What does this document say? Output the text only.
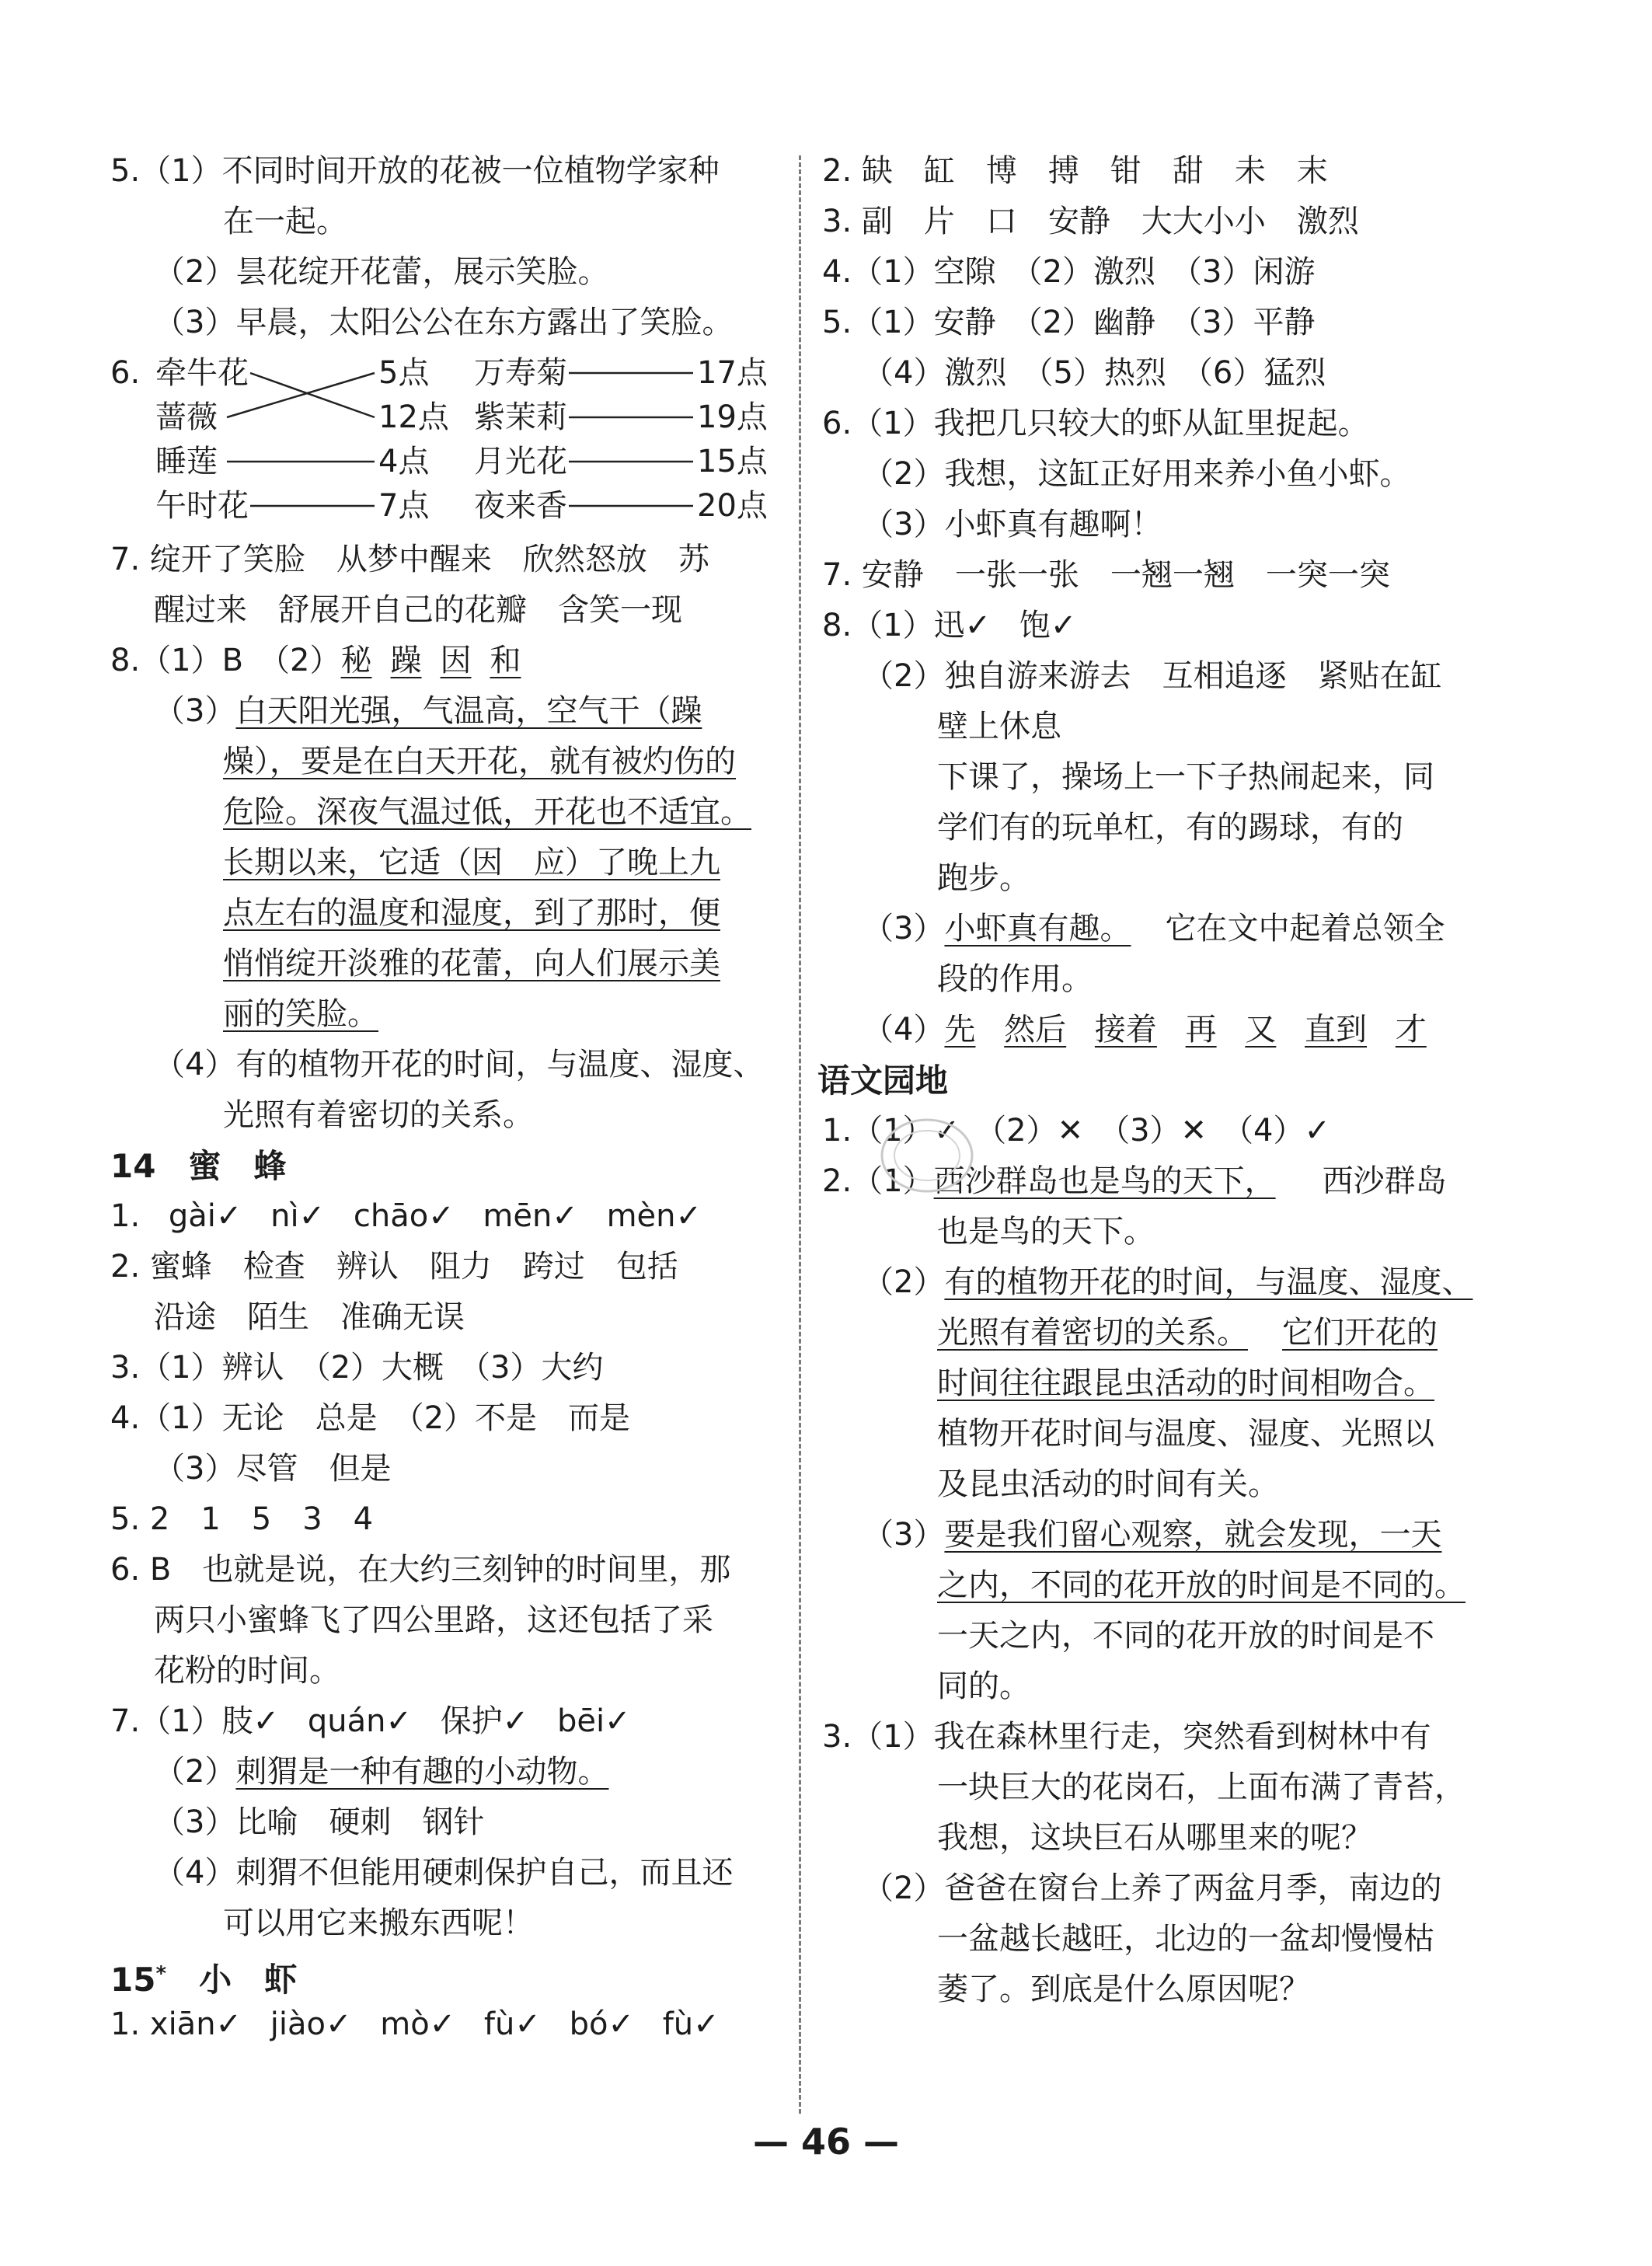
5.（1）不同时间开放的花被一位植物学家种
在一起。
（2）昙花绽开花蕾，展示笑脸。
（3）早晨，太阳公公在东方露出了笑脸。
6. 牵牛花
蔷薇
睡莲
午时花
5点
12点
4点
7点
万寿菊
紫茉莉
月光花
夜来香
17点
19点
15点
20点
7. 绽开了笑脸　从梦中醒来　欣然怒放　苏
醒过来　舒展开自己的花瓣　含笑一现
8.（1）B　（2）秘 躁 因 和
（3）白天阳光强，气温高，空气干（躁
燥），要是在白天开花，就有被灼伤的
危险。深夜气温过低，开花也不适宜。
长期以来，它适（因　应）了晚上九
点左右的温度和湿度，到了那时，便
悄悄绽开淡雅的花蕾，向人们展示美
丽的笑脸。
（4）有的植物开花的时间，与温度、湿度、
光照有着密切的关系。
14　蜜　蜂
1. gài✓ nì✓ chāo✓ mēn✓ mèn✓
2. 蜜蜂　检查　辨认　阻力　跨过　包括
沿途　陌生　准确无误
3.（1）辨认　（2）大概　（3）大约
4.（1）无论　总是　（2）不是　而是
（3）尽管　但是
5. 2　1　5　3　4
6. B　也就是说，在大约三刻钟的时间里，那
两只小蜜蜂飞了四公里路，这还包括了采
花粉的时间。
7.（1）肢✓ quán✓ 保护✓ bēi✓
（2）刺猬是一种有趣的小动物。
（3）比喻　硬刺　钢针
（4）刺猬不但能用硬刺保护自己，而且还
可以用它来搬东西呢！
15*　小　虾
1. xiān✓ jiào✓ mò✓ fù✓ bó✓ fù✓
2. 缺　缸　博　搏　钳　甜　未　末
3. 副　片　口　安静　大大小小　激烈
4.（1）空隙　（2）激烈　（3）闲游
5.（1）安静　（2）幽静　（3）平静
（4）激烈　（5）热烈　（6）猛烈
6.（1）我把几只较大的虾从缸里捉起。
（2）我想，这缸正好用来养小鱼小虾。
（3）小虾真有趣啊！
7. 安静　一张一张　一翘一翘　一突一突
8.（1）迅✓ 饱✓
（2）独自游来游去　互相追逐　紧贴在缸
壁上休息
下课了，操场上一下子热闹起来，同
学们有的玩单杠，有的踢球，有的
跑步。
（3）小虾真有趣。 它在文中起着总领全
段的作用。
（4）先 然后 接着 再 又 直到 才
语文园地
1.（1）✓　（2）✕　（3）✕　（4）✓
2.（1）西沙群岛也是鸟的天下， 西沙群岛
也是鸟的天下。
（2）有的植物开花的时间，与温度、湿度、
光照有着密切的关系。 它们开花的
时间往往跟昆虫活动的时间相吻合。
植物开花时间与温度、湿度、光照以
及昆虫活动的时间有关。
（3）要是我们留心观察，就会发现，一天
之内，不同的花开放的时间是不同的。
一天之内，不同的花开放的时间是不
同的。
3.（1）我在森林里行走，突然看到树林中有
一块巨大的花岗石，上面布满了青苔，
我想，这块巨石从哪里来的呢？
（2）爸爸在窗台上养了两盆月季，南边的
一盆越长越旺，北边的一盆却慢慢枯
萎了。到底是什么原因呢？
— 46 —
